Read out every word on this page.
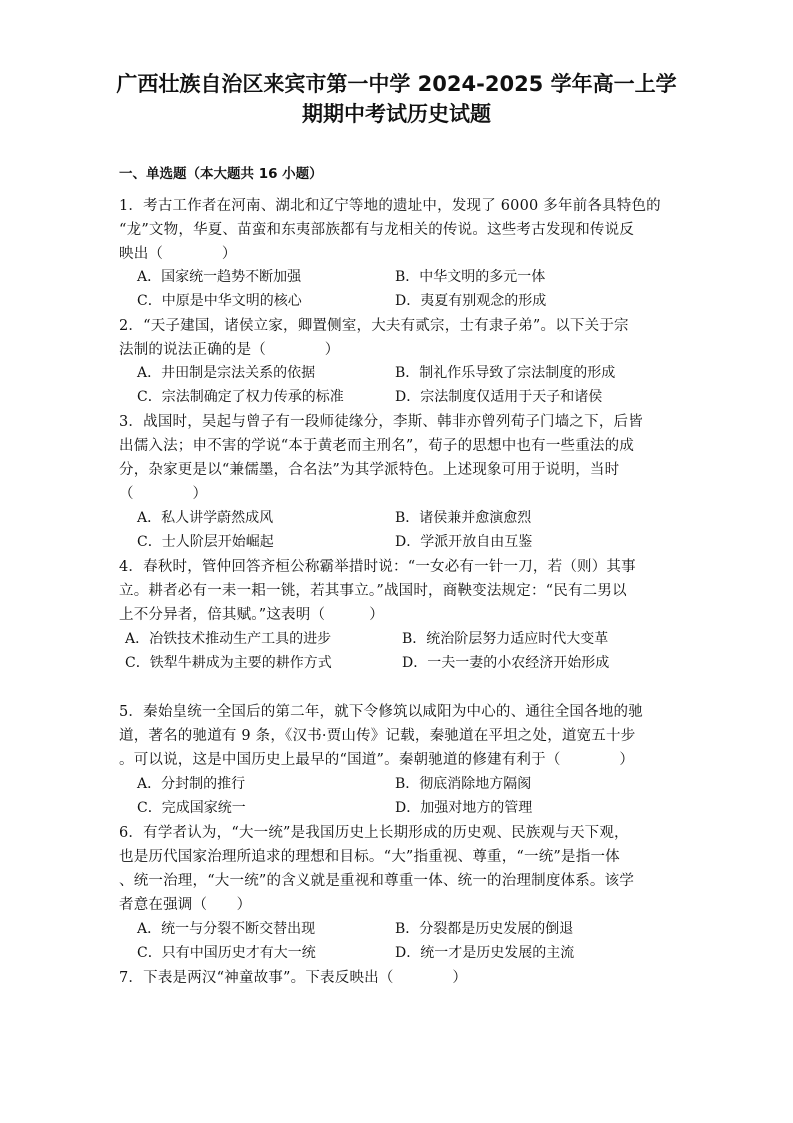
广西壮族自治区来宾市第一中学 2024-2025 学年高一上学
期期中考试历史试题
一、单选题（本大题共 16 小题）
1．考古工作者在河南、湖北和辽宁等地的遗址中，发现了 6000 多年前各具特色的
“龙”文物，华夏、苗蛮和东夷部族都有与龙相关的传说。这些考古发现和传说反
映出（　　　　）
A．国家统一趋势不断加强	B．中华文明的多元一体
C．中原是中华文明的核心	D．夷夏有别观念的形成
2．“天子建国，诸侯立家，卿置侧室，大夫有贰宗，士有隶子弟”。以下关于宗
法制的说法正确的是（　　　　）
A．井田制是宗法关系的依据	B．制礼作乐导致了宗法制度的形成
C．宗法制确定了权力传承的标准	D．宗法制度仅适用于天子和诸侯
3．战国时，吴起与曾子有一段师徒缘分，李斯、韩非亦曾列荀子门墙之下，后皆
出儒入法；申不害的学说“本于黄老而主刑名”，荀子的思想中也有一些重法的成
分，杂家更是以“兼儒墨，合名法”为其学派特色。上述现象可用于说明，当时
（　　　　）
A．私人讲学蔚然成风	B．诸侯兼并愈演愈烈
C．士人阶层开始崛起	D．学派开放自由互鉴
4．春秋时，管仲回答齐桓公称霸举措时说：“一女必有一针一刀，若（则）其事
立。耕者必有一耒一耜一铫，若其事立。”战国时，商鞅变法规定：“民有二男以
上不分异者，倍其赋。”这表明（　　　）
A．冶铁技术推动生产工具的进步	B．统治阶层努力适应时代大变革
C．铁犁牛耕成为主要的耕作方式	D．一夫一妻的小农经济开始形成
5．秦始皇统一全国后的第二年，就下令修筑以咸阳为中心的、通往全国各地的驰
道，著名的驰道有 9 条，《汉书·贾山传》记载，秦驰道在平坦之处，道宽五十步
。可以说，这是中国历史上最早的“国道”。秦朝驰道的修建有利于（　　　　）
A．分封制的推行	B．彻底消除地方隔阂
C．完成国家统一	D．加强对地方的管理
6．有学者认为，“大一统”是我国历史上长期形成的历史观、民族观与天下观，
也是历代国家治理所追求的理想和目标。“大”指重视、尊重，“一统”是指一体
、统一治理，“大一统”的含义就是重视和尊重一体、统一的治理制度体系。该学
者意在强调（　　）
A．统一与分裂不断交替出现	B．分裂都是历史发展的倒退
C．只有中国历史才有大一统	D．统一才是历史发展的主流
7．下表是两汉“神童故事”。下表反映出（　　　　）
